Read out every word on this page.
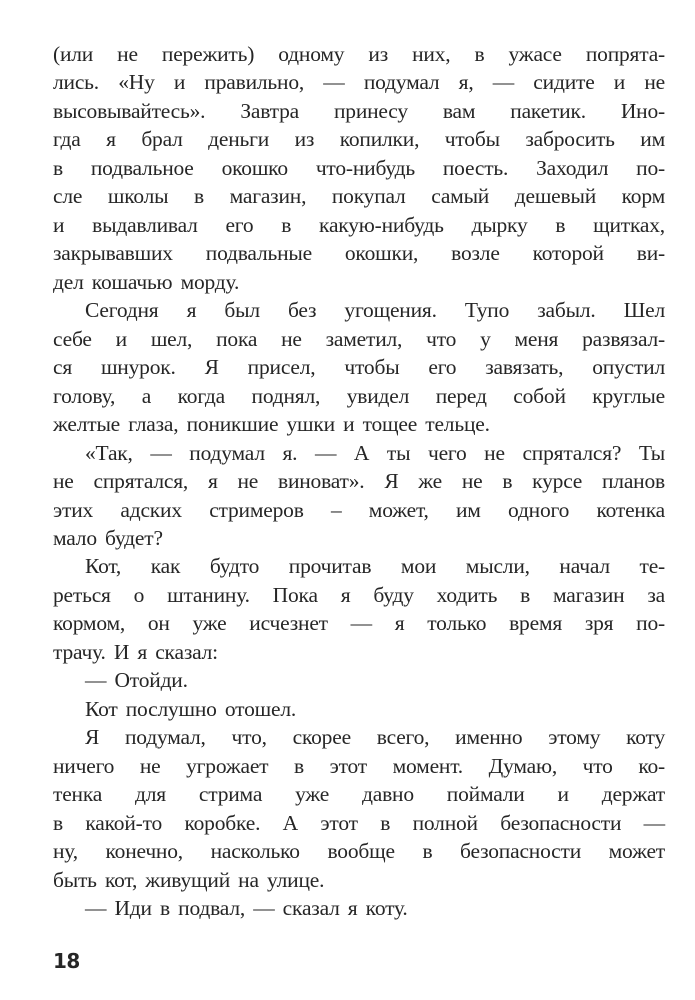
(или не пережить) одному из них, в ужасе попрята-
лись. «Ну и правильно, — подумал я, — сидите и не
высовывайтесь». Завтра принесу вам пакетик. Ино-
гда я брал деньги из копилки, чтобы забросить им
в подвальное окошко что-нибудь поесть. Заходил по-
сле школы в магазин, покупал самый дешевый корм
и выдавливал его в какую-нибудь дырку в щитках,
закрывавших подвальные окошки, возле которой ви-
дел кошачью морду.
Сегодня я был без угощения. Тупо забыл. Шел
себе и шел, пока не заметил, что у меня развязал-
ся шнурок. Я присел, чтобы его завязать, опустил
голову, а когда поднял, увидел перед собой круглые
желтые глаза, поникшие ушки и тощее тельце.
«Так, — подумал я. — А ты чего не спрятался? Ты
не спрятался, я не виноват». Я же не в курсе планов
этих адских стримеров – может, им одного котенка
мало будет?
Кот, как будто прочитав мои мысли, начал те-
реться о штанину. Пока я буду ходить в магазин за
кормом, он уже исчезнет — я только время зря по-
трачу. И я сказал:
— Отойди.
Кот послушно отошел.
Я подумал, что, скорее всего, именно этому коту
ничего не угрожает в этот момент. Думаю, что ко-
тенка для стрима уже давно поймали и держат
в какой-то коробке. А этот в полной безопасности —
ну, конечно, насколько вообще в безопасности может
быть кот, живущий на улице.
— Иди в подвал, — сказал я коту.
18
